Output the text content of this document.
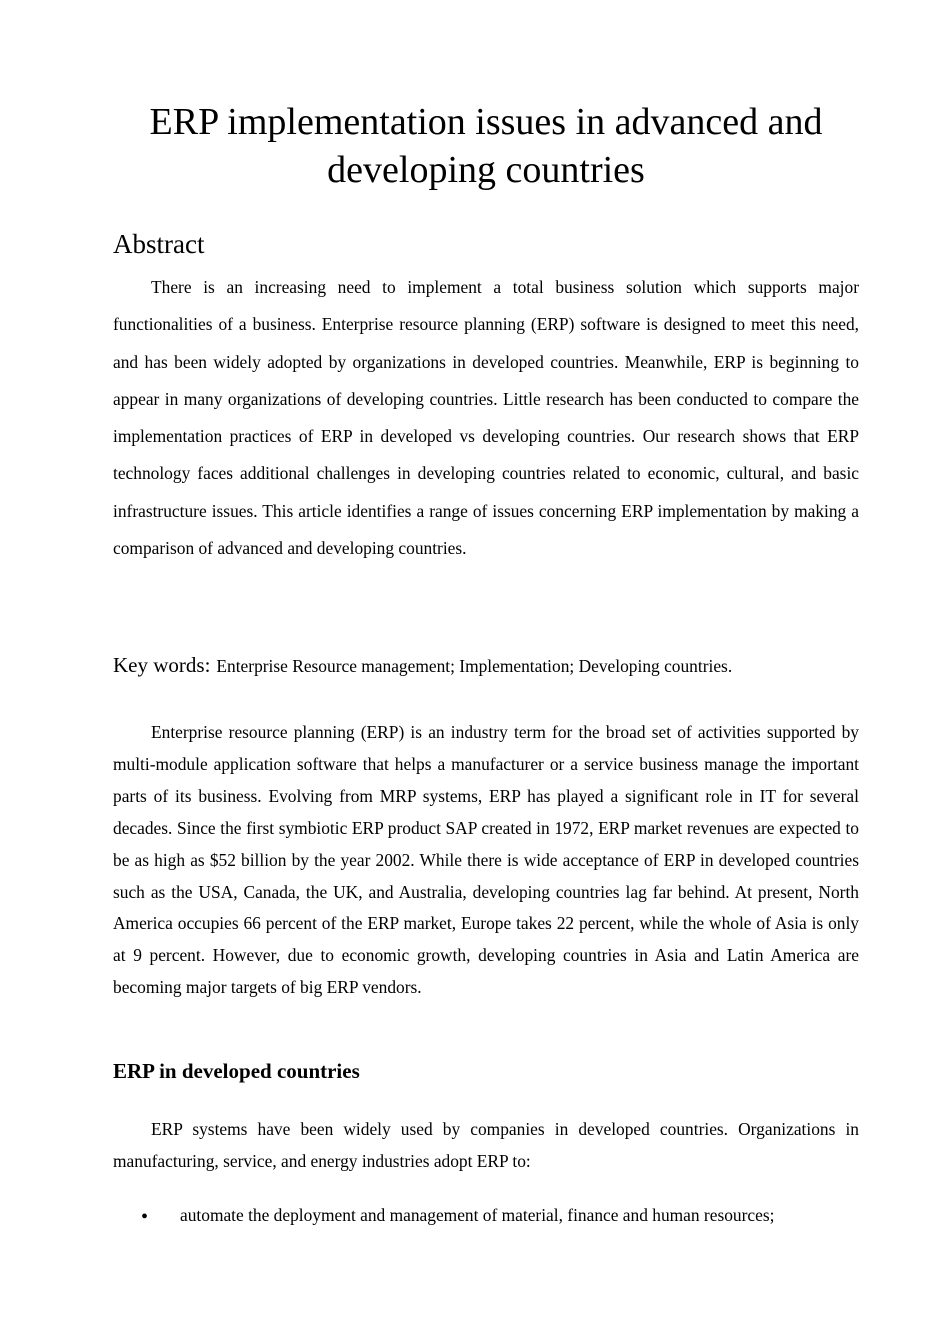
ERP implementation issues in advanced and developing countries
Abstract

There is an increasing need to implement a total business solution which supports major functionalities of a business. Enterprise resource planning (ERP) software is designed to meet this need, and has been widely adopted by organizations in developed countries. Meanwhile, ERP is beginning to appear in many organizations of developing countries. Little research has been conducted to compare the implementation practices of ERP in developed vs developing countries. Our research shows that ERP technology faces additional challenges in developing countries related to economic, cultural, and basic infrastructure issues. This article identifies a range of issues concerning ERP implementation by making a comparison of advanced and developing countries.

Key words: Enterprise Resource management; Implementation; Developing countries.

Enterprise resource planning (ERP) is an industry term for the broad set of activities supported by multi-module application software that helps a manufacturer or a service business manage the important parts of its business. Evolving from MRP systems, ERP has played a significant role in IT for several decades. Since the first symbiotic ERP product SAP created in 1972, ERP market revenues are expected to be as high as $52 billion by the year 2002. While there is wide acceptance of ERP in developed countries such as the USA, Canada, the UK, and Australia, developing countries lag far behind. At present, North America occupies 66 percent of the ERP market, Europe takes 22 percent, while the whole of Asia is only at 9 percent. However, due to economic growth, developing countries in Asia and Latin America are becoming major targets of big ERP vendors.

ERP in developed countries

ERP systems have been widely used by companies in developed countries. Organizations in manufacturing, service, and energy industries adopt ERP to:

• automate the deployment and management of material, finance and human resources;
